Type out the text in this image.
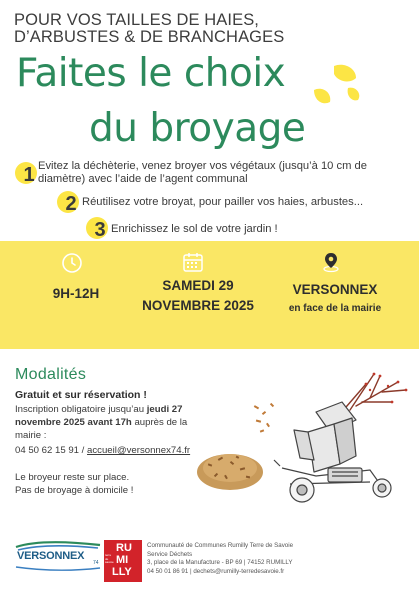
POUR VOS TAILLES DE HAIES,
D’ARBUSTES & DE BRANCHAGES
Faites le choix
du broyage
1 Evitez la déchèterie, venez broyer vos végétaux (jusqu’à 10 cm de
diamètre) avec l’aide de l’agent communal
2 Réutilisez votre broyat, pour pailler vos haies, arbustes...
3 Enrichissez le sol de votre jardin !
9H-12H
SAMEDI 29
NOVEMBRE 2025
VERSONNEX
en face de la mairie
Modalités
Gratuit et sur réservation !
Inscription obligatoire jusqu’au jeudi 27
novembre 2025 avant 17h auprès de la
mairie :
04 50 62 15 91 / accueil@versonnex74.fr
Le broyeur reste sur place.
Pas de broyage à domicile !
VERSONNEX
74
RU
MI
LLY
terre de savoie
Communauté de Communes Rumilly Terre de Savoie
Service Déchets
3, place de la Manufacture - BP 69 | 74152 RUMILLY
04 50 01 86 91 | dechets@rumilly-terredesavoie.fr
